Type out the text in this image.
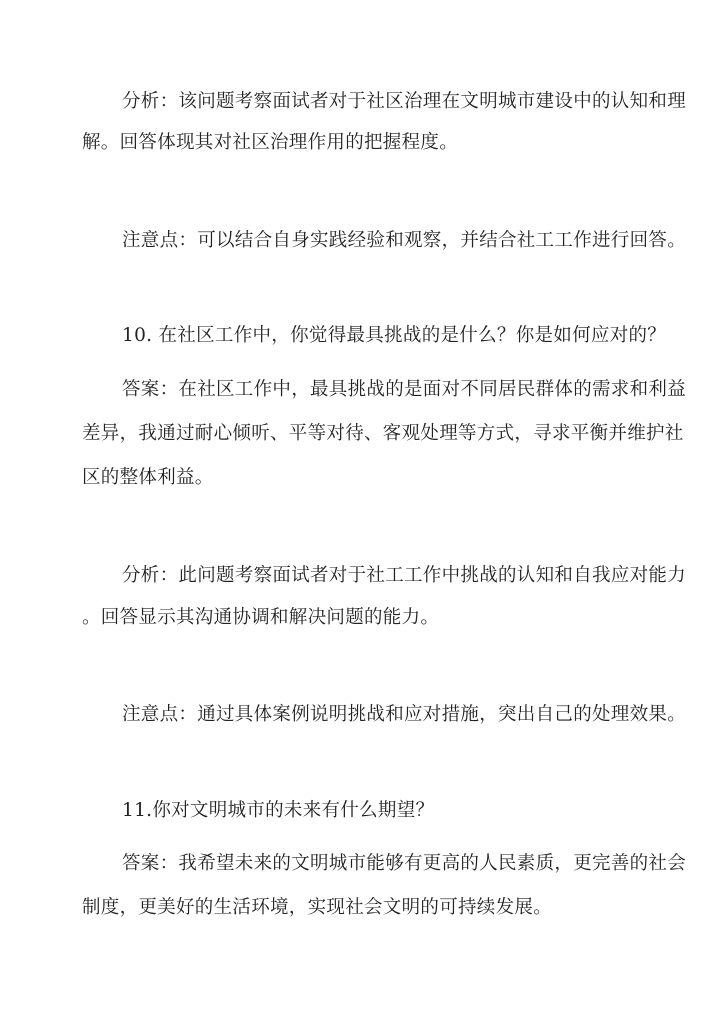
分析：该问题考察面试者对于社区治理在文明城市建设中的认知和理
解。回答体现其对社区治理作用的把握程度。
注意点：可以结合自身实践经验和观察，并结合社工工作进行回答。
10. 在社区工作中，你觉得最具挑战的是什么？你是如何应对的？
答案：在社区工作中，最具挑战的是面对不同居民群体的需求和利益
差异，我通过耐心倾听、平等对待、客观处理等方式，寻求平衡并维护社
区的整体利益。
分析：此问题考察面试者对于社工工作中挑战的认知和自我应对能力
。回答显示其沟通协调和解决问题的能力。
注意点：通过具体案例说明挑战和应对措施，突出自己的处理效果。
11.你对文明城市的未来有什么期望？
答案：我希望未来的文明城市能够有更高的人民素质，更完善的社会
制度，更美好的生活环境，实现社会文明的可持续发展。
